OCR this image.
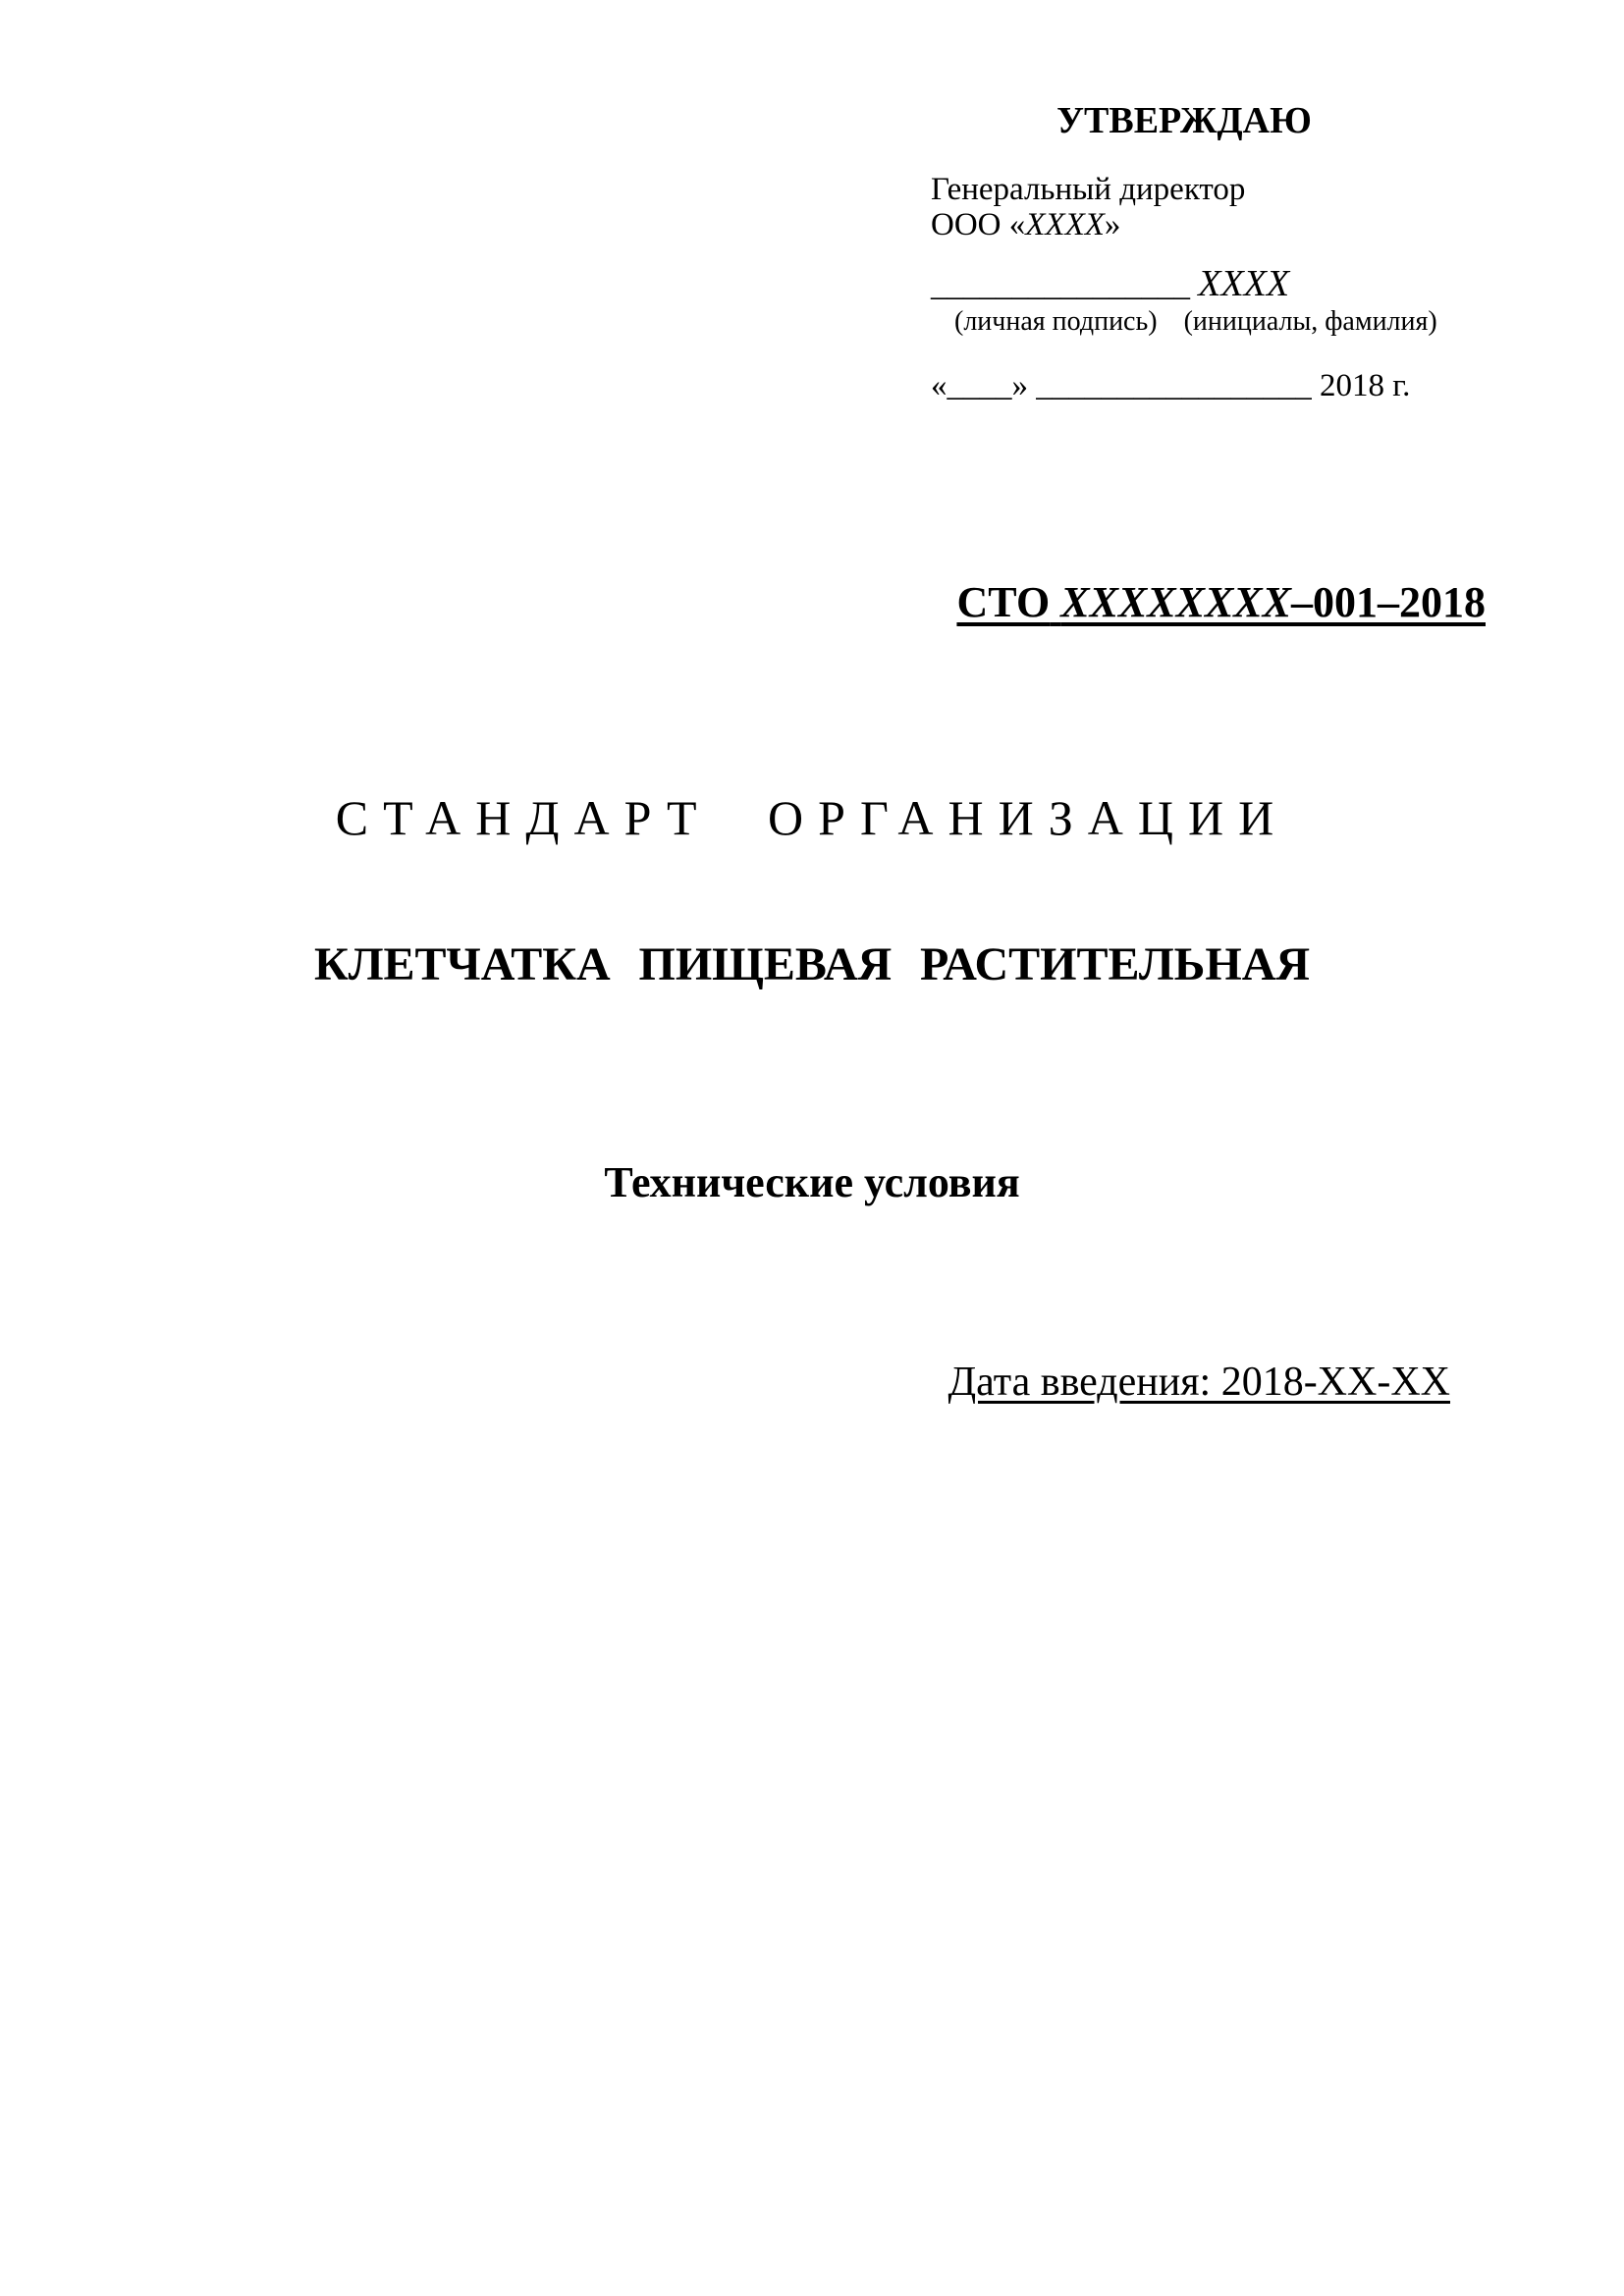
УТВЕРЖДАЮ
Генеральный директор
ООО «ХХХХ»
________________ ХХХХ
(личная подпись) (инициалы, фамилия)
«____» _________________ 2018 г.
СТО ХХХХХХХХ–001–2018
СТАНДАРТ ОРГАНИЗАЦИИ
КЛЕТЧАТКА ПИЩЕВАЯ РАСТИТЕЛЬНАЯ
Технические условия
Дата введения: 2018-ХХ-ХХ
